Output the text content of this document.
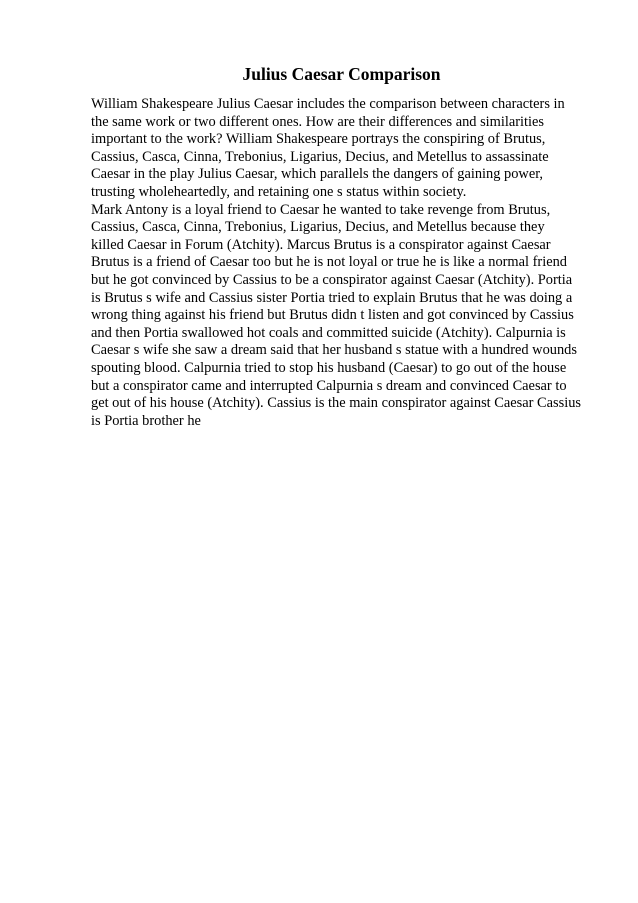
Julius Caesar Comparison
William Shakespeare Julius Caesar includes the comparison between characters in
the same work or two different ones. How are their differences and similarities
important to the work? William Shakespeare portrays the conspiring of Brutus,
Cassius, Casca, Cinna, Trebonius, Ligarius, Decius, and Metellus to assassinate
Caesar in the play Julius Caesar, which parallels the dangers of gaining power,
trusting wholeheartedly, and retaining one s status within society.
Mark Antony is a loyal friend to Caesar he wanted to take revenge from Brutus,
Cassius, Casca, Cinna, Trebonius, Ligarius, Decius, and Metellus because they
killed Caesar in Forum (Atchity). Marcus Brutus is a conspirator against Caesar
Brutus is a friend of Caesar too but he is not loyal or true he is like a normal friend
but he got convinced by Cassius to be a conspirator against Caesar (Atchity). Portia
is Brutus s wife and Cassius sister Portia tried to explain Brutus that he was doing a
wrong thing against his friend but Brutus didn t listen and got convinced by Cassius
and then Portia swallowed hot coals and committed suicide (Atchity). Calpurnia is
Caesar s wife she saw a dream said that her husband s statue with a hundred wounds
spouting blood. Calpurnia tried to stop his husband (Caesar) to go out of the house
but a conspirator came and interrupted Calpurnia s dream and convinced Caesar to
get out of his house (Atchity). Cassius is the main conspirator against Caesar Cassius
is Portia brother he
